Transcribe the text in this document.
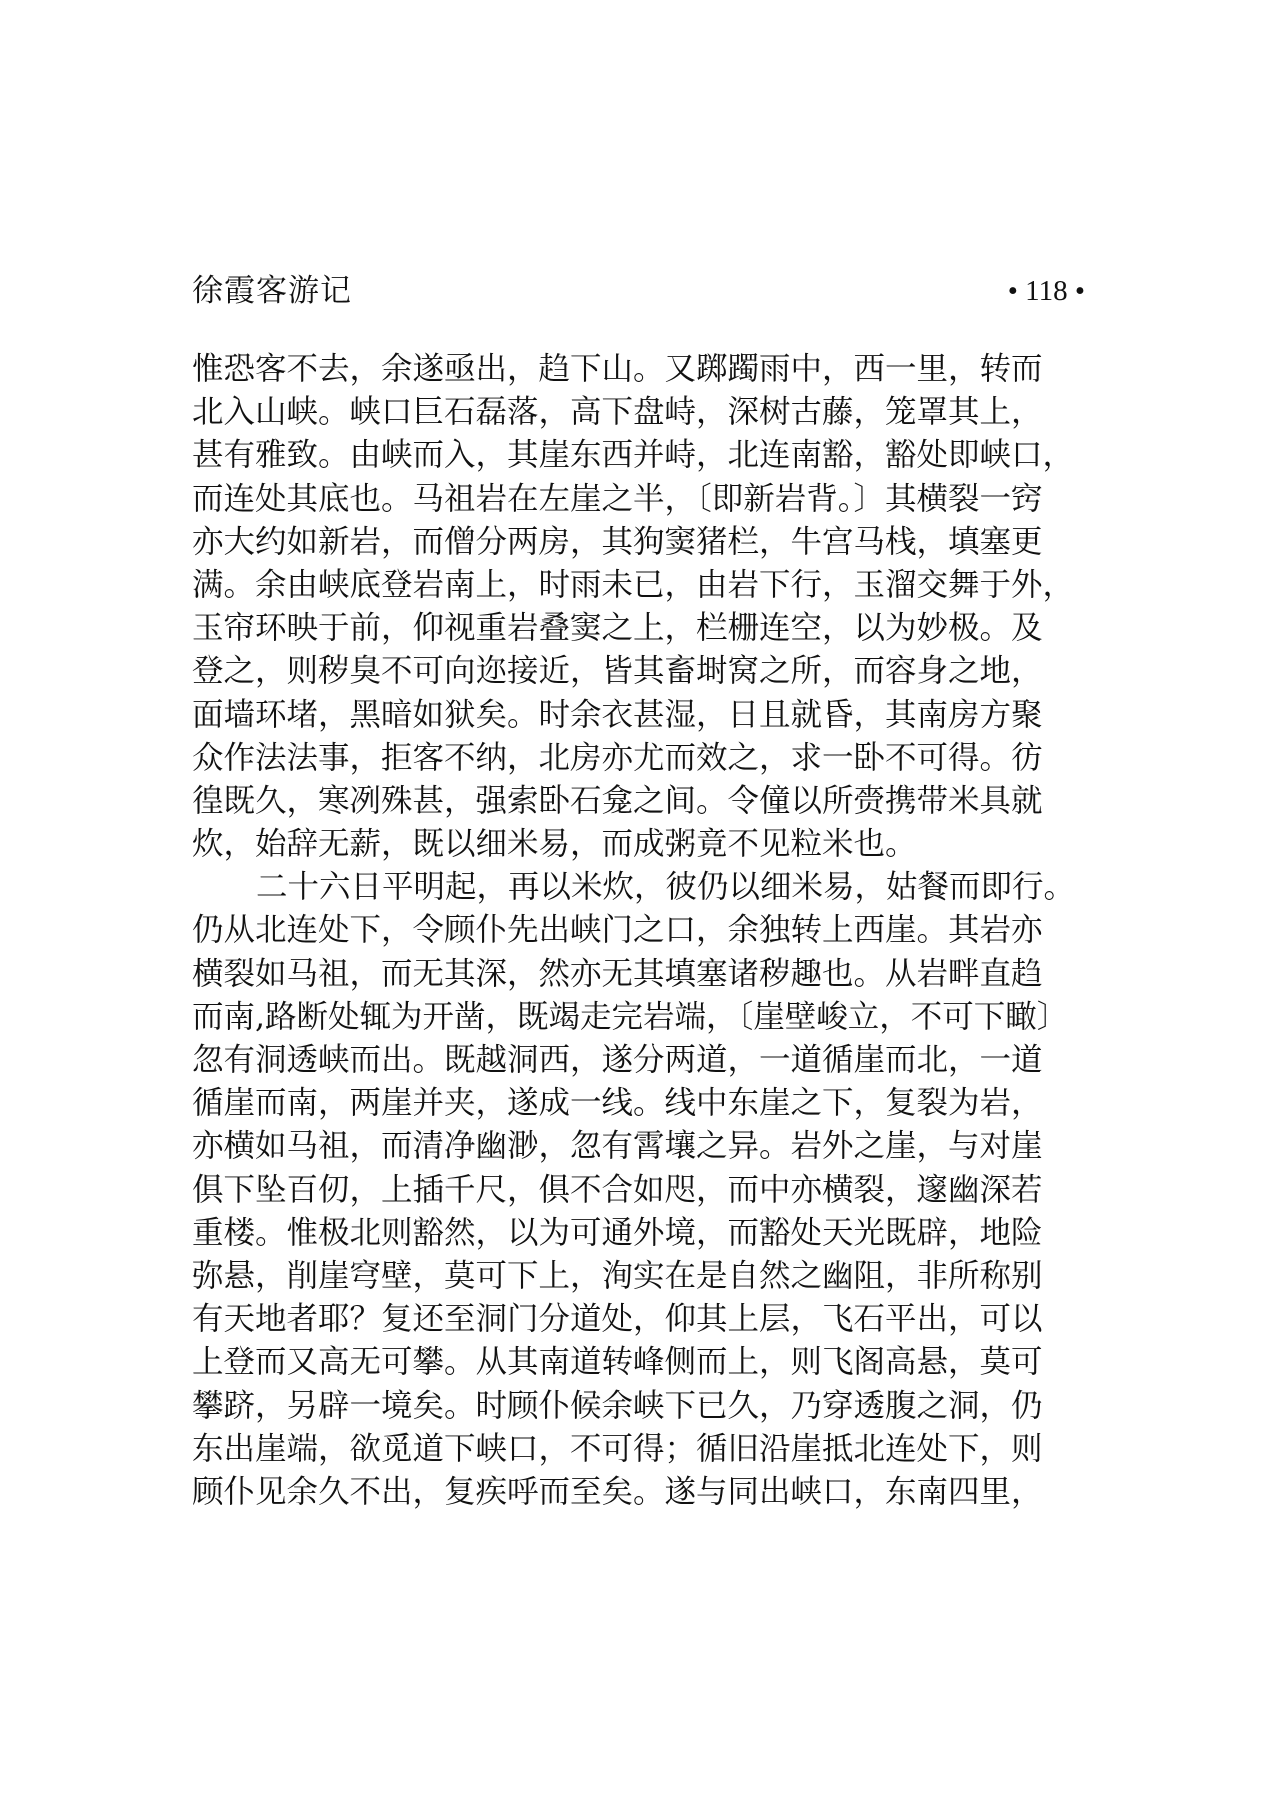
徐霞客游记	• 118 •
惟恐客不去，余遂亟出，趋下山。又踯躅雨中，西一里，转而
北入山峡。峡口巨石磊落，高下盘峙，深树古藤，笼罩其上，
甚有雅致。由峡而入，其崖东西并峙，北连南豁，豁处即峡口，
而连处其底也。马祖岩在左崖之半，〔即新岩背。〕其横裂一窍
亦大约如新岩，而僧分两房，其狗窦猪栏，牛宫马栈，填塞更
满。余由峡底登岩南上，时雨未已，由岩下行，玉溜交舞于外，
玉帘环映于前，仰视重岩叠窦之上，栏栅连空，以为妙极。及
登之，则秽臭不可向迩接近，皆其畜埘窝之所，而容身之地，
面墙环堵，黑暗如狱矣。时余衣甚湿，日且就昏，其南房方聚
众作法法事，拒客不纳，北房亦尤而效之，求一卧不可得。彷
徨既久，寒冽殊甚，强索卧石龛之间。令僮以所赍携带米具就
炊，始辞无薪，既以细米易，而成粥竟不见粒米也。
二十六日平明起，再以米炊，彼仍以细米易，姑餐而即行。
仍从北连处下，令顾仆先出峡门之口，余独转上西崖。其岩亦
横裂如马祖，而无其深，然亦无其填塞诸秽趣也。从岩畔直趋
而南,路断处辄为开凿，既竭走完岩端，〔崖壁峻立，不可下瞰〕
忽有洞透峡而出。既越洞西，遂分两道，一道循崖而北，一道
循崖而南，两崖并夹，遂成一线。线中东崖之下，复裂为岩，
亦横如马祖，而清净幽渺，忽有霄壤之异。岩外之崖，与对崖
俱下坠百仞，上插千尺，俱不合如咫，而中亦横裂，邃幽深若
重楼。惟极北则豁然，以为可通外境，而豁处天光既辟，地险
弥悬，削崖穹壁，莫可下上，洵实在是自然之幽阻，非所称别
有天地者耶？复还至洞门分道处，仰其上层，飞石平出，可以
上登而又高无可攀。从其南道转峰侧而上，则飞阁高悬，莫可
攀跻，另辟一境矣。时顾仆候余峡下已久，乃穿透腹之洞，仍
东出崖端，欲觅道下峡口，不可得；循旧沿崖抵北连处下，则
顾仆见余久不出，复疾呼而至矣。遂与同出峡口，东南四里，
